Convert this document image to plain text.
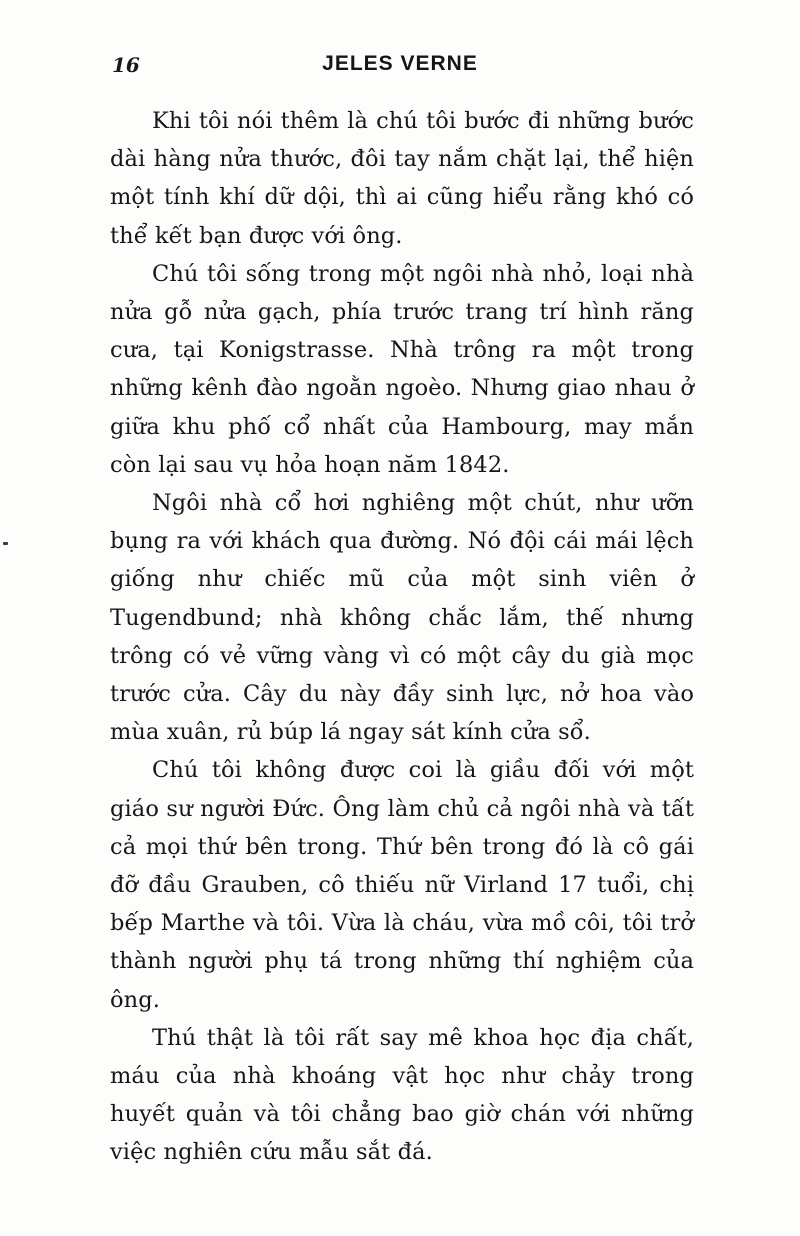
16	JELES VERNE

Khi tôi nói thêm là chú tôi bước đi những bước dài hàng nửa thước, đôi tay nắm chặt lại, thể hiện một tính khí dữ dội, thì ai cũng hiểu rằng khó có thể kết bạn được với ông.

Chú tôi sống trong một ngôi nhà nhỏ, loại nhà nửa gỗ nửa gạch, phía trước trang trí hình răng cưa, tại Konigstrasse. Nhà trông ra một trong những kênh đào ngoằn ngoèo. Nhưng giao nhau ở giữa khu phố cổ nhất của Hambourg, may mắn còn lại sau vụ hỏa hoạn năm 1842.

Ngôi nhà cổ hơi nghiêng một chút, như ưỡn bụng ra với khách qua đường. Nó đội cái mái lệch giống như chiếc mũ của một sinh viên ở Tugendbund; nhà không chắc lắm, thế nhưng trông có vẻ vững vàng vì có một cây du già mọc trước cửa. Cây du này đầy sinh lực, nở hoa vào mùa xuân, rủ búp lá ngay sát kính cửa sổ.

Chú tôi không được coi là giầu đối với một giáo sư người Đức. Ông làm chủ cả ngôi nhà và tất cả mọi thứ bên trong. Thứ bên trong đó là cô gái đỡ đầu Grauben, cô thiếu nữ Virland 17 tuổi, chị bếp Marthe và tôi. Vừa là cháu, vừa mồ côi, tôi trở thành người phụ tá trong những thí nghiệm của ông.

Thú thật là tôi rất say mê khoa học địa chất, máu của nhà khoáng vật học như chảy trong huyết quản và tôi chẳng bao giờ chán với những việc nghiên cứu mẫu sắt đá.
